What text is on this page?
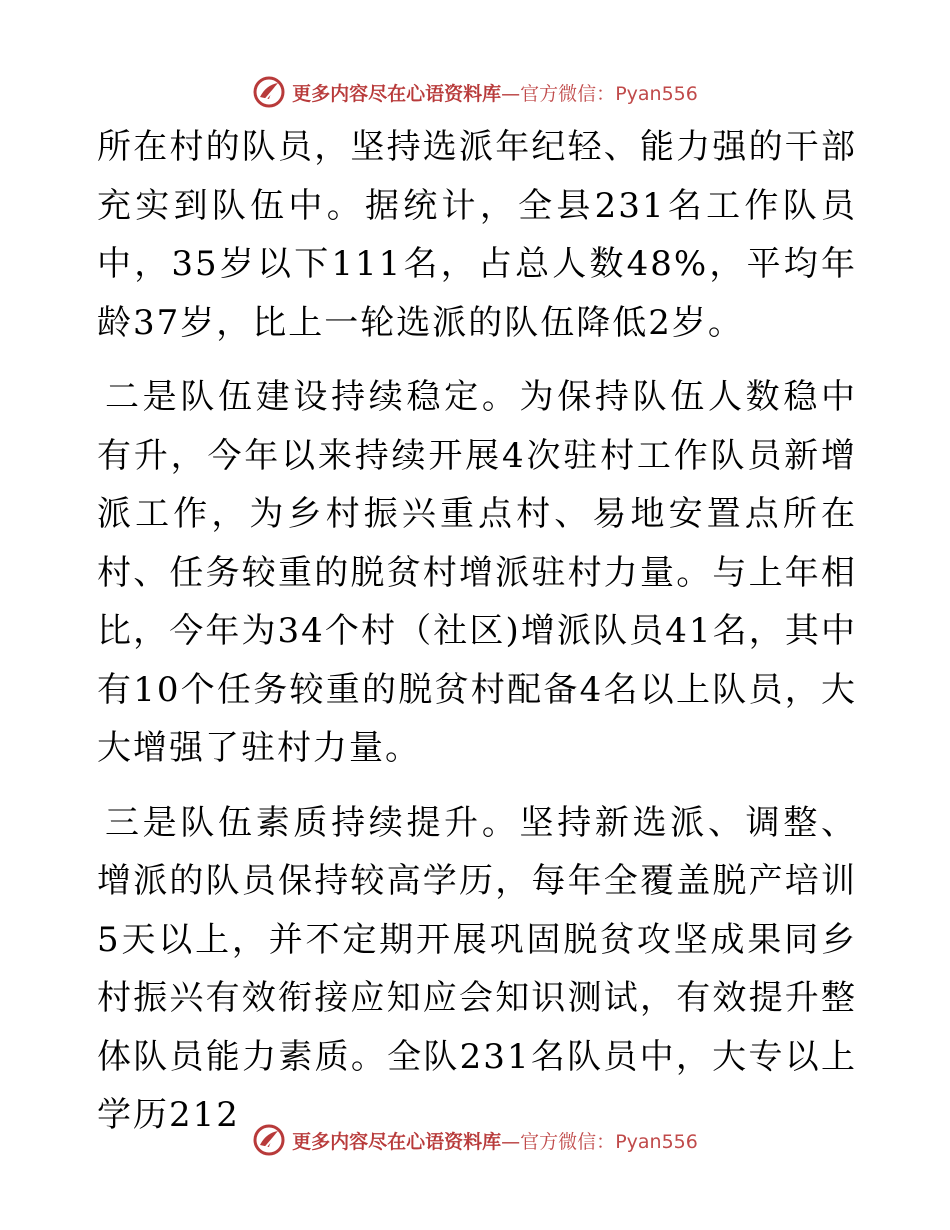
更多内容尽在心语资料库—官方微信：Pyan556

所在村的队员，坚持选派年纪轻、能力强的干部充实到队伍中。据统计，全县231名工作队员中，35岁以下111名，占总人数48%，平均年龄37岁，比上一轮选派的队伍降低2岁。

二是队伍建设持续稳定。为保持队伍人数稳中有升，今年以来持续开展4次驻村工作队员新增派工作，为乡村振兴重点村、易地安置点所在村、任务较重的脱贫村增派驻村力量。与上年相比，今年为34个村（社区)增派队员41名，其中有10个任务较重的脱贫村配备4名以上队员，大大增强了驻村力量。

三是队伍素质持续提升。坚持新选派、调整、增派的队员保持较高学历，每年全覆盖脱产培训5天以上，并不定期开展巩固脱贫攻坚成果同乡村振兴有效衔接应知应会知识测试，有效提升整体队员能力素质。全队231名队员中，大专以上学历212

更多内容尽在心语资料库—官方微信：Pyan556
